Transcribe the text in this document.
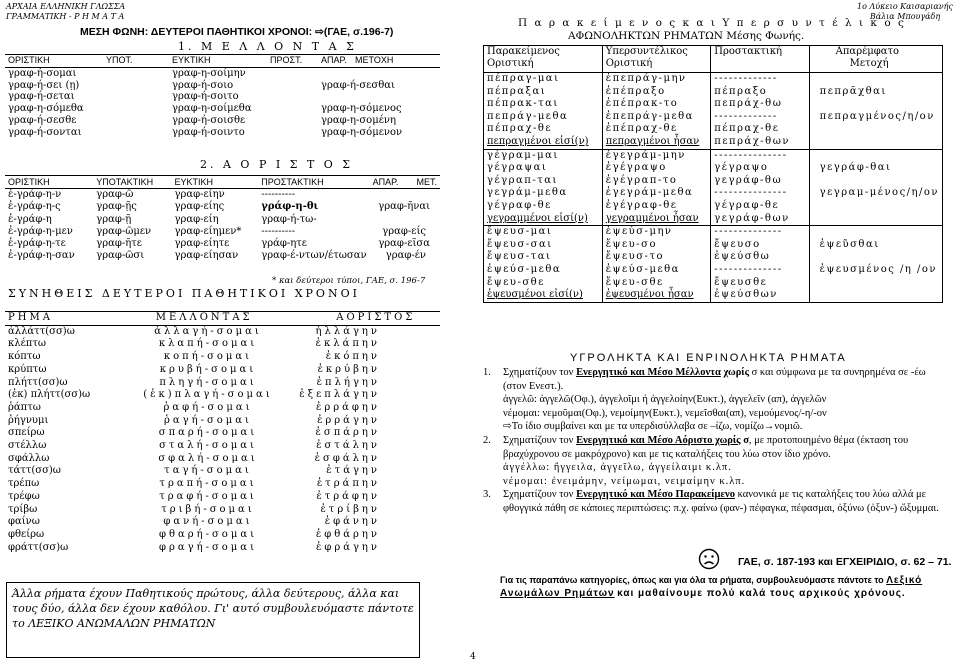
ΑΡΧΑΙΑ ΕΛΛΗΝΙΚΗ ΓΛΩΣΣΑ
ΓΡΑΜΜΑΤΙΚΗ - Ρ Η Μ Α Τ Α
1ο Λύκειο Καισαριανής
Βάλια Μπουγάδη
ΜΕΣΗ ΦΩΝΗ: ΔΕΥΤΕΡΟΙ ΠΑΘΗΤΙΚΟΙ ΧΡΟΝΟΙ: ⇨(ΓΑΕ, σ.196-7)
1. Μ Ε Λ Λ Ο Ν Τ Α Σ
ΟΡΙΣΤΙΚΗ	ΥΠΟΤ.	ΕΥΚΤΙΚΗ	ΠΡΟΣΤ.	ΑΠΑΡ.	ΜΕΤΟΧΗ
γραφ-ή-σομαι		γραφ-η-σοίμην			
γραφ-ή-σει (ῃ)		γραφ-ή-σοιο		γραφ-ή-σεσθαι	
γραφ-ή-σεται		γραφ-ή-σοιτο			
γραφ-η-σόμεθα		γραφ-η-σοίμεθα		γραφ-η-σόμενος	
γραφ-ή-σεσθε		γραφ-ή-σοισθε		γραφ-η-σομένη	
γραφ-ή-σονται		γραφ-ή-σοιντο		γραφ-η-σόμενον	
2. Α Ο Ρ Ι Σ Τ Ο Σ
ΟΡΙΣΤΙΚΗ	ΥΠΟΤΑΚΤΙΚΗ	ΕΥΚΤΙΚΗ	ΠΡΟΣΤΑΚΤΙΚΗ	ΑΠΑΡ.	ΜΕΤ.
ἐ-γράφ-η-ν	γραφ-ῶ	γραφ-είην	----------		
ἐ-γράφ-η-ς	γραφ-ῇς	γραφ-είης	γράφ-η-θι	γραφ-ῆναι	
ἐ-γράφ-η	γραφ-ῇ	γραφ-είη	γραφ-ή-τω-		
ἐ-γράφ-η-μεν	γραφ-ῶμεν	γραφ-είημεν*	----------	γραφ-είς	
ἐ-γράφ-η-τε	γραφ-ῆτε	γραφ-είητε	γράφ-ητε	γραφ-εῖσα	
ἐ-γράφ-η-σαν	γραφ-ῶσι	γραφ-είησαν	γραφ-έ-ντων/έτωσαν	γραφ-έν	
* και δεύτεροι τύποι, ΓΑΕ, σ. 196-7
ΣΥΝΗΘΕΙΣ ΔΕΥΤΕΡΟΙ ΠΑΘΗΤΙΚΟΙ ΧΡΟΝΟΙ
ΡΗΜΑ	ΜΕΛΛΟΝΤΑΣ	ΑΟΡΙΣΤΟΣ
ἀλλάττ(σσ)ω	ἀλλαγή-σομαι	ἠλλάγην
κλέπτω	κλαπή-σομαι	ἐκλάπην
κόπτω	κοπή-σομαι	ἐκόπην
κρύπτω	κρυβή-σομαι	ἐκρύβην
πλήττ(σσ)ω	πληγή-σομαι	ἐπλήγην
(ἐκ) πλήττ(σσ)ω	(ἐκ)πλαγή-σομαι	ἐξεπλάγην
ῥάπτω	ῥαφή-σομαι	ἐρράφην
ῥήγνυμι	ῥαγή-σομαι	ἐρράγην
σπείρω	σπαρή-σομαι	ἐσπάρην
στέλλω	σταλή-σομαι	ἐστάλην
σφάλλω	σφαλή-σομαι	ἐσφάλην
τάττ(σσ)ω	ταγή-σομαι	ἐτάγην
τρέπω	τραπή-σομαι	ἐτράπην
τρέφω	τραφή-σομαι	ἐτράφην
τρίβω	τριβή-σομαι	ἐτρίβην
φαίνω	φανή-σομαι	ἐφάνην
φθείρω	φθαρή-σομαι	ἐφθάρην
φράττ(σσ)ω	φραγή-σομαι	ἐφράγην
Άλλα ρήματα έχουν Παθητικούς πρώτους, άλλα δεύτερους, άλλα και τους δύο, άλλα δεν έχουν καθόλου. Γι' αυτό συμβουλευόμαστε πάντοτε το ΛΕΞΙΚΟ ΑΝΩΜΑΛΩΝ ΡΗΜΑΤΩΝ
4
Π α ρ α κ ε ί μ ε ν ο ς κ α ι Υ π ε ρ σ υ ν τ έ λ ι κ ο ς
ΑΦΩΝΟΛΗΚΤΩΝ ΡΗΜΑΤΩΝ Μέσης Φωνής.
Παρακείμενος
Οριστική	Υπερσυντέλικος
Οριστική	Προστακτική	Απαρέμφατο
Μετοχή
πέπραγ-μαι	ἐπεπράγ-μην	-------------	
πέπραξαι	ἐπέπραξο	πέπραξο	πεπρᾶχθαι
πέπρακ-ται	ἐπέπρακ-το	πεπράχ-θω	
πεπράγ-μεθα	ἐπεπράγ-μεθα	-------------	πεπραγμένος/η/ον
πέπραχ-θε	ἐπέπραχ-θε	πέπραχ-θε	
πεπραγμένοι εἰσί(ν)	πεπραγμένοι ἦσαν	πεπράχ-θων	
γέγραμ-μαι	ἐγεγράμ-μην	---------------	
γέγραψαι	ἐγέγραψο	γέγραψο	γεγράφ-θαι
γέγραπ-ται	ἐγέγραπ-το	γεγράφ-θω	
γεγράμ-μεθα	ἐγεγράμ-μεθα	---------------	γεγραμ-μένος/η/ον
γέγραφ-θε	ἐγέγραφ-θε	γέγραφ-θε	
γεγραμμένοι εἰσί(ν)	γεγραμμένοι ἦσαν	γεγράφ-θων	
ἔψευσ-μαι	ἐψεύσ-μην	--------------	
ἔψευσ-σαι	ἔψευ-σο	ἔψευσο	ἐψεῦσθαι
ἔψευσ-ται	ἔψευσ-το	ἐψεύσθω	
ἐψεύσ-μεθα	ἐψεύσ-μεθα	--------------	ἐψευσμένος /η /ον
ἔψευ-σθε	ἔψευ-σθε	ἔψευσθε	
ἐψευσμένοι εἰσί(ν)	ἐψευσμένοι ἦσαν	ἐψεύσθων	
ΥΓΡΟΛΗΚΤΑ ΚΑΙ ΕΝΡΙΝΟΛΗΚΤΑ ΡΗΜΑΤΑ
1. Σχηματίζουν τον Ενεργητικό και Μέσο Μέλλοντα χωρίς σ και σύμφωνα με τα συνηρημένα σε -έω (στον Ενεστ.).
ἀγγελῶ: ἀγγελῶ(Οφ.), ἀγγελοῖμι ή ἀγγελοίην(Ευκτ.), ἀγγελεῖν (απ), ἀγγελῶν
νέμομαι: νεμοῦμαι(Οφ.), νεμοίμην(Ευκτ.), νεμεῖσθαι(απ), νεμούμενος/-η/-ον
⇨Το ίδιο συμβαίνει και με τα υπερδισύλλαβα σε –ίζω, νομίζω→νομιῶ.
2. Σχηματίζουν τον Ενεργητικό και Μέσο Αόριστο χωρίς σ, με προτοποιημένο θέμα (έκταση του βραχύχρονου σε μακρόχρονο) και με τις καταλήξεις του λύω στον ίδιο χρόνο.
ἀγγέλλω: ἤγγειλα, ἀγγεῖλω, ἀγγείλαιμι κ.λπ.
νέμομαι: ἐνειμάμην, νείμωμαι, νειμαίμην κ.λπ.
3. Σχηματίζουν τον Ενεργητικό και Μέσο Παρακείμενο κανονικά με τις καταλήξεις του λύω αλλά με φθογγικά πάθη σε κάποιες περιπτώσεις: π.χ. φαίνω (φαν-) πέφαγκα, πέφασμαι, ὀξύνω (ὀξυν-) ὤξυμμαι.
ΓΑΕ, σ. 187-193 και ΕΓΧΕΙΡΙΔΙΟ, σ. 62 – 71.
Για τις παραπάνω κατηγορίες, όπως και για όλα τα ρήματα, συμβουλευόμαστε πάντοτε το Λεξικό Ανωμάλων Ρημάτων και μαθαίνουμε πολύ καλά τους αρχικούς χρόνους.
